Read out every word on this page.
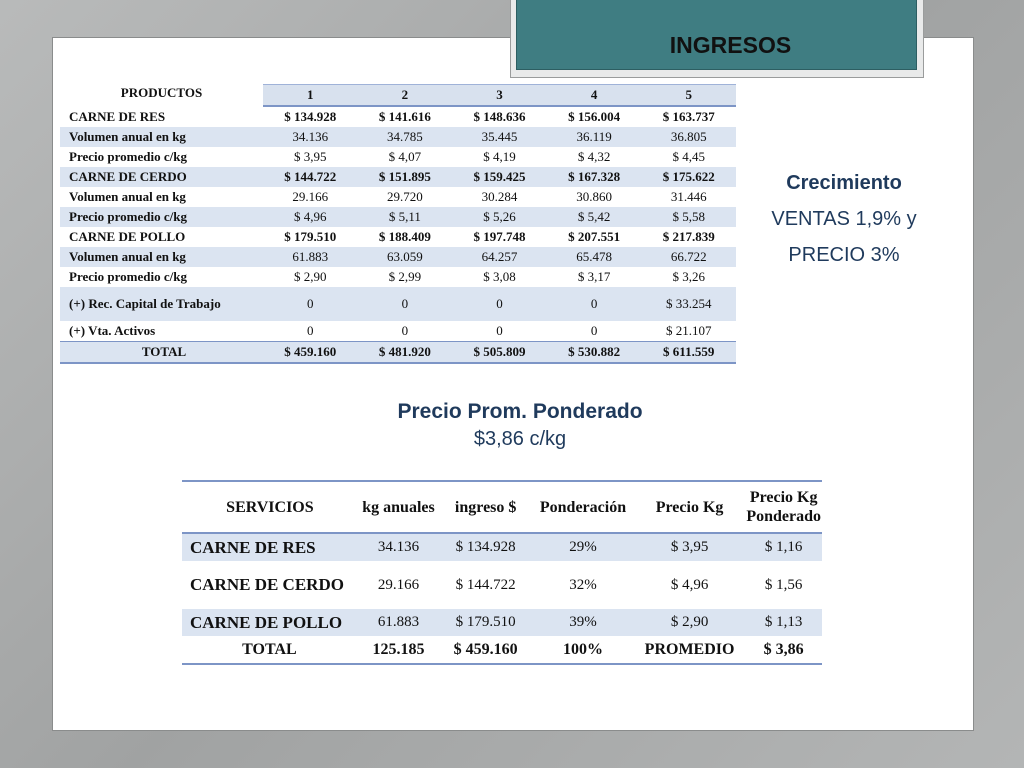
INGRESOS
PRODUCTOS	1	2	3	4	5
CARNE DE RES	$ 134.928	$ 141.616	$ 148.636	$ 156.004	$ 163.737
Volumen anual en kg	34.136	34.785	35.445	36.119	36.805
Precio promedio c/kg	$ 3,95	$ 4,07	$ 4,19	$ 4,32	$ 4,45
CARNE DE CERDO	$ 144.722	$ 151.895	$ 159.425	$ 167.328	$ 175.622
Volumen anual en kg	29.166	29.720	30.284	30.860	31.446
Precio promedio c/kg	$ 4,96	$ 5,11	$ 5,26	$ 5,42	$ 5,58
CARNE DE POLLO	$ 179.510	$ 188.409	$ 197.748	$ 207.551	$ 217.839
Volumen anual en kg	61.883	63.059	64.257	65.478	66.722
Precio promedio c/kg	$ 2,90	$ 2,99	$ 3,08	$ 3,17	$ 3,26
(+) Rec. Capital de Trabajo	0	0	0	0	$ 33.254
(+) Vta. Activos	0	0	0	0	$ 21.107
TOTAL	$ 459.160	$ 481.920	$ 505.809	$ 530.882	$ 611.559
Crecimiento
VENTAS 1,9% y
PRECIO 3%
Precio Prom. Ponderado
$3,86 c/kg
SERVICIOS	kg anuales	ingreso $	Ponderación	Precio Kg	Precio Kg Ponderado
CARNE DE RES	34.136	$ 134.928	29%	$ 3,95	$ 1,16
CARNE DE CERDO	29.166	$ 144.722	32%	$ 4,96	$ 1,56
CARNE DE POLLO	61.883	$ 179.510	39%	$ 2,90	$ 1,13
TOTAL	125.185	$ 459.160	100%	PROMEDIO	$ 3,86
